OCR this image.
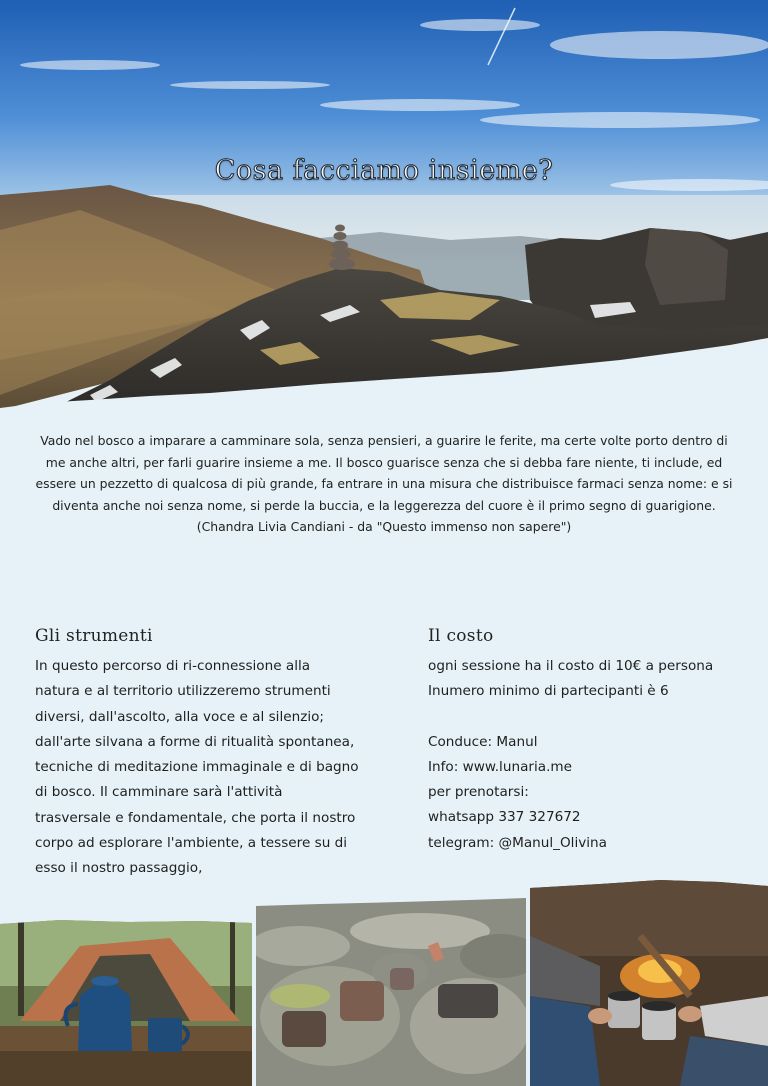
Cosa facciamo insieme?

Vado nel bosco a imparare a camminare sola, senza pensieri, a guarire le ferite, ma certe volte porto dentro di me anche altri, per farli guarire insieme a me. Il bosco guarisce senza che si debba fare niente, ti include, ed essere un pezzetto di qualcosa di più grande, fa entrare in una misura che distribuisce farmaci senza nome: e si diventa anche noi senza nome, si perde la buccia, e la leggerezza del cuore è il primo segno di guarigione.

(Chandra Livia Candiani - da "Questo immenso non sapere")

Gli strumenti
In questo percorso di ri-connessione alla
natura e al territorio utilizzeremo strumenti
diversi, dall'ascolto, alla voce e al silenzio;
dall'arte silvana a forme di ritualità spontanea,
tecniche di meditazione immaginale e di bagno
di bosco. Il camminare sarà l'attività
trasversale e fondamentale, che porta il nostro
corpo ad esplorare l'ambiente, a tessere su di
esso il nostro passaggio,
Il costo
ogni sessione ha il costo di 10€ a persona
Inumero minimo di partecipanti è 6
Conduce: Manul
Info: www.lunaria.me
per prenotarsi:
whatsapp 337 327672
telegram: @Manul_Olivina
